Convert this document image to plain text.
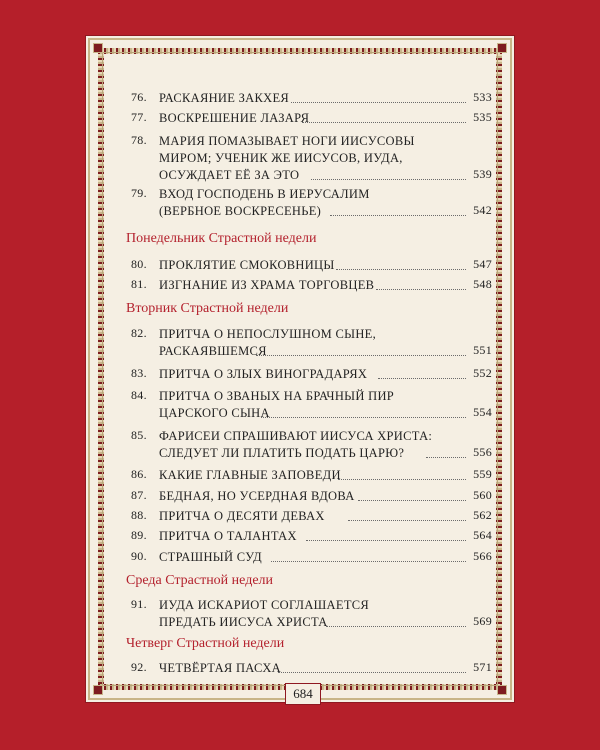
76. РАСКАЯНИЕ ЗАКХЕЯ	533
77. ВОСКРЕШЕНИЕ ЛАЗАРЯ	535
78. МАРИЯ ПОМАЗЫВАЕТ НОГИ ИИСУСОВЫ
МИРОМ; УЧЕНИК ЖЕ ИИСУСОВ, ИУДА,
ОСУЖДАЕТ ЕЁ ЗА ЭТО	539
79. ВХОД ГОСПОДЕНЬ В ИЕРУСАЛИМ
(ВЕРБНОЕ ВОСКРЕСЕНЬЕ)	542
Понедельник Страстной недели
80. ПРОКЛЯТИЕ СМОКОВНИЦЫ	547
81. ИЗГНАНИЕ ИЗ ХРАМА ТОРГОВЦЕВ	548
Вторник Страстной недели
82. ПРИТЧА О НЕПОСЛУШНОМ СЫНЕ,
РАСКАЯВШЕМСЯ	551
83. ПРИТЧА О ЗЛЫХ ВИНОГРАДАРЯХ	552
84. ПРИТЧА О ЗВАНЫХ НА БРАЧНЫЙ ПИР
ЦАРСКОГО СЫНА	554
85. ФАРИСЕИ СПРАШИВАЮТ ИИСУСА ХРИСТА:
СЛЕДУЕТ ЛИ ПЛАТИТЬ ПОДАТЬ ЦАРЮ?	556
86. КАКИЕ ГЛАВНЫЕ ЗАПОВЕДИ	559
87. БЕДНАЯ, НО УСЕРДНАЯ ВДОВА	560
88. ПРИТЧА О ДЕСЯТИ ДЕВАХ	562
89. ПРИТЧА О ТАЛАНТАХ	564
90. СТРАШНЫЙ СУД	566
Среда Страстной недели
91. ИУДА ИСКАРИОТ СОГЛАШАЕТСЯ
ПРЕДАТЬ ИИСУСА ХРИСТА	569
Четверг Страстной недели
92. ЧЕТВЁРТАЯ ПАСХА	571
684
